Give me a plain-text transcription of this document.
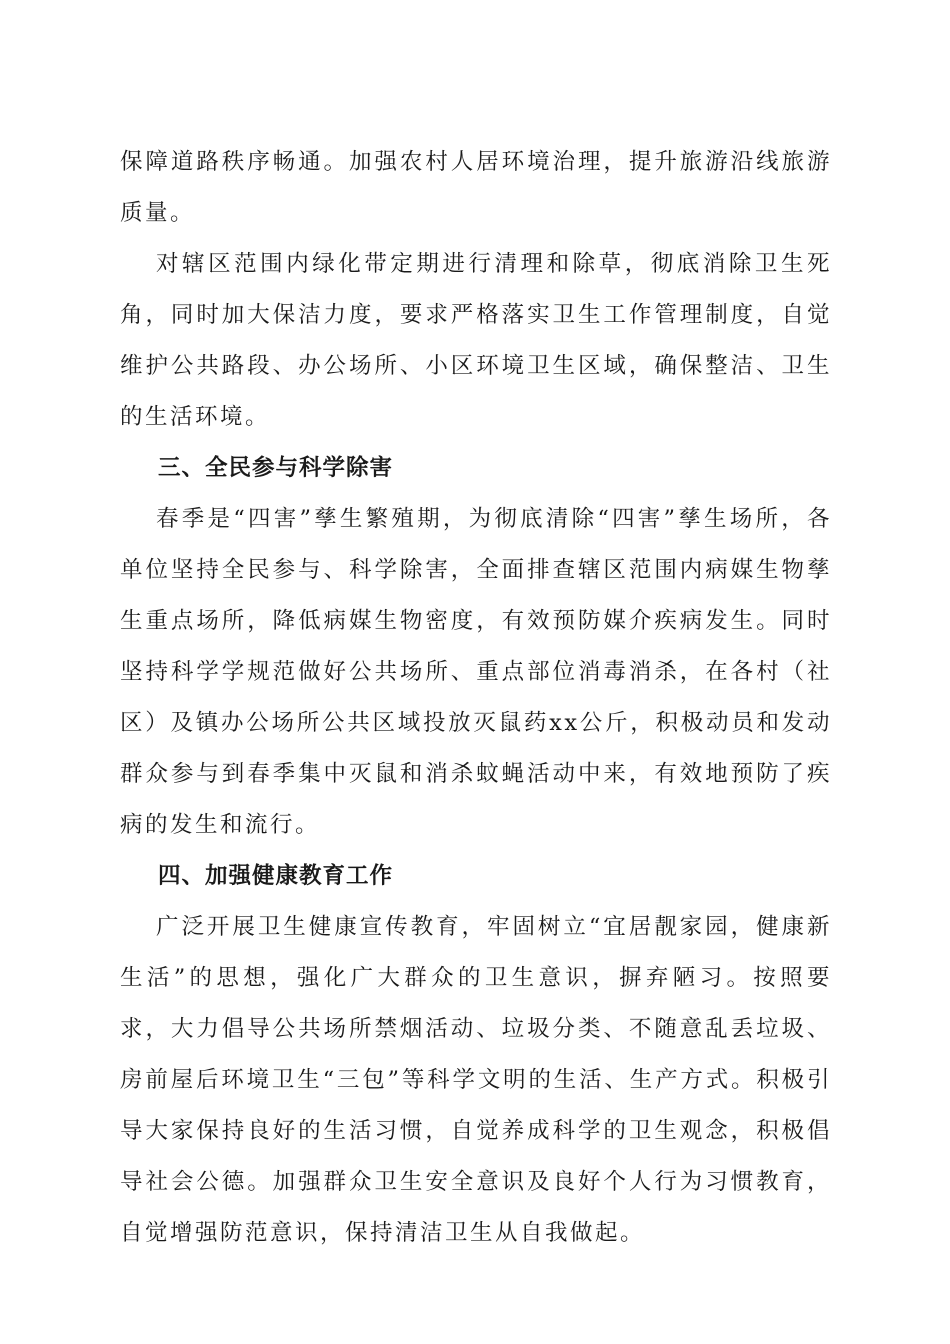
保障道路秩序畅通。加强农村人居环境治理，提升旅游沿线旅游质量。

对辖区范围内绿化带定期进行清理和除草，彻底消除卫生死角，同时加大保洁力度，要求严格落实卫生工作管理制度，自觉维护公共路段、办公场所、小区环境卫生区域，确保整洁、卫生的生活环境。

三、全民参与科学除害

春季是“四害”孳生繁殖期，为彻底清除“四害”孳生场所，各单位坚持全民参与、科学除害，全面排查辖区范围内病媒生物孳生重点场所，降低病媒生物密度，有效预防媒介疾病发生。同时坚持科学学规范做好公共场所、重点部位消毒消杀，在各村（社区）及镇办公场所公共区域投放灭鼠药xx公斤，积极动员和发动群众参与到春季集中灭鼠和消杀蚊蝇活动中来，有效地预防了疾病的发生和流行。

四、加强健康教育工作

广泛开展卫生健康宣传教育，牢固树立“宜居靓家园，健康新生活”的思想，强化广大群众的卫生意识，摒弃陋习。按照要求，大力倡导公共场所禁烟活动、垃圾分类、不随意乱丢垃圾、房前屋后环境卫生“三包”等科学文明的生活、生产方式。积极引导大家保持良好的生活习惯，自觉养成科学的卫生观念，积极倡导社会公德。加强群众卫生安全意识及良好个人行为习惯教育，自觉增强防范意识，保持清洁卫生从自我做起。
